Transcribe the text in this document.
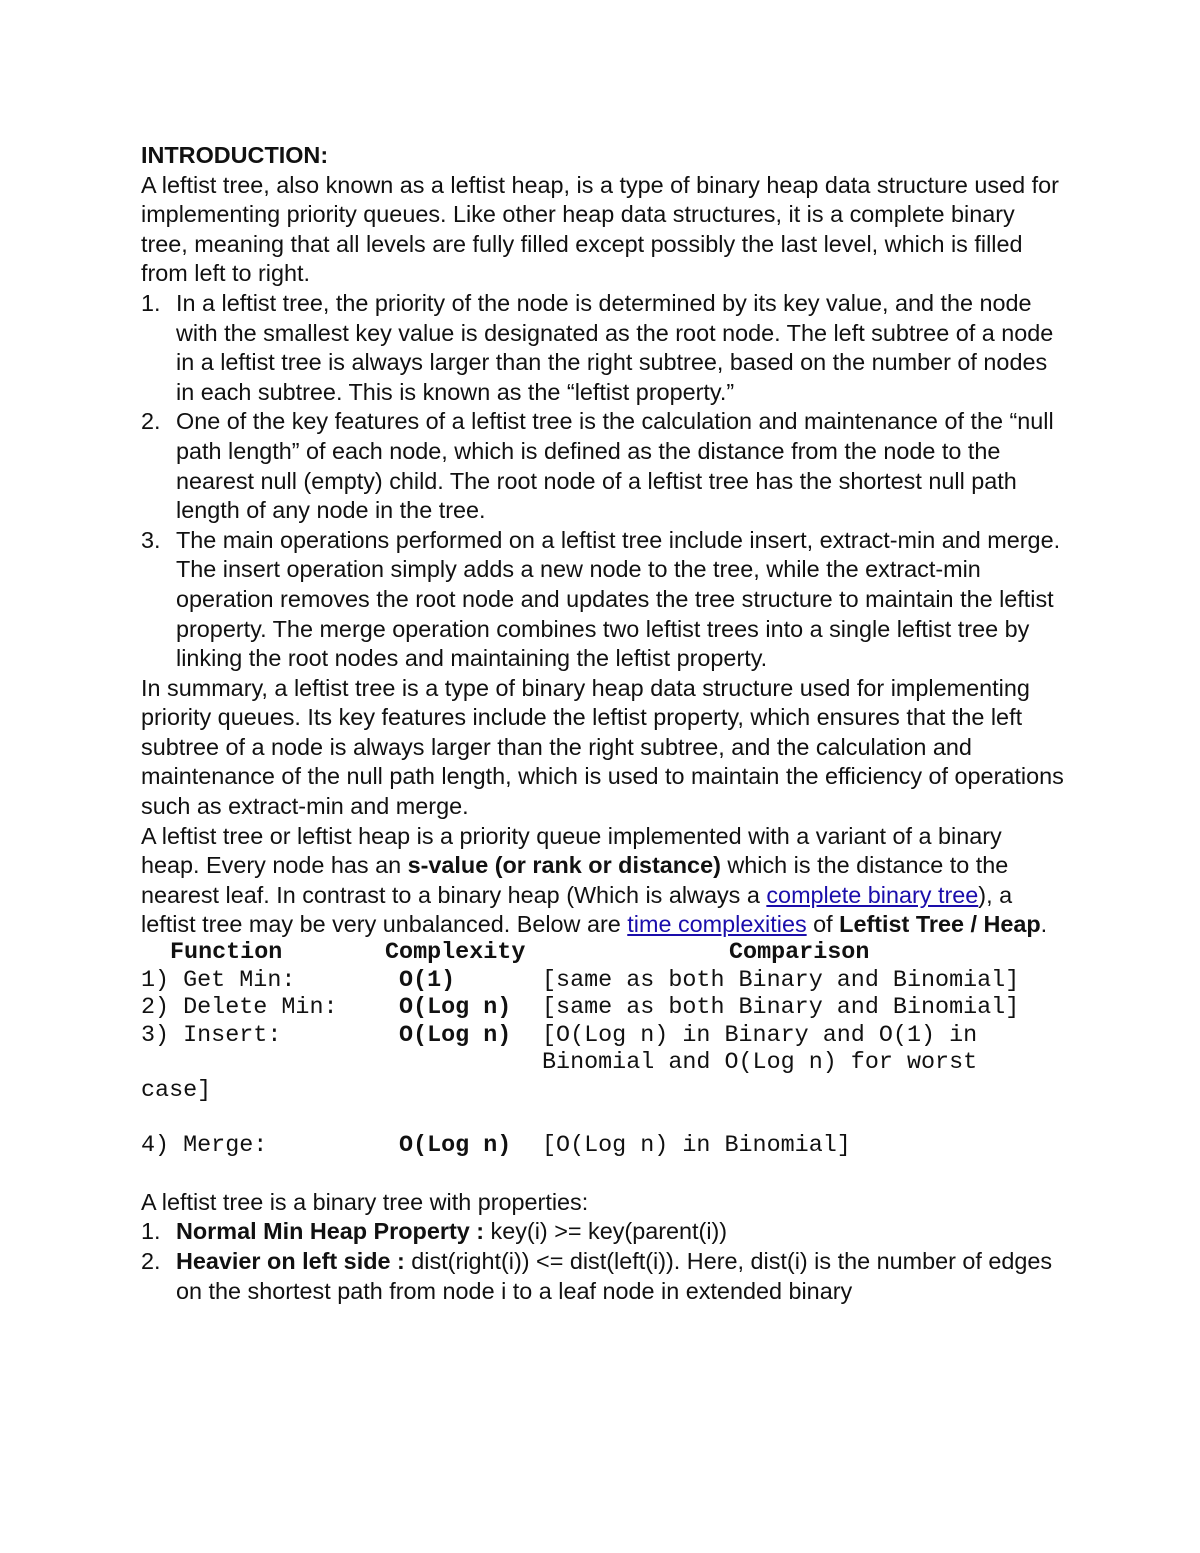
INTRODUCTION:

A leftist tree, also known as a leftist heap, is a type of binary heap data structure used for implementing priority queues. Like other heap data structures, it is a complete binary tree, meaning that all levels are fully filled except possibly the last level, which is filled from left to right.

1. In a leftist tree, the priority of the node is determined by its key value, and the node with the smallest key value is designated as the root node. The left subtree of a node in a leftist tree is always larger than the right subtree, based on the number of nodes in each subtree. This is known as the “leftist property.”
2. One of the key features of a leftist tree is the calculation and maintenance of the “null path length” of each node, which is defined as the distance from the node to the nearest null (empty) child. The root node of a leftist tree has the shortest null path length of any node in the tree.
3. The main operations performed on a leftist tree include insert, extract-min and merge. The insert operation simply adds a new node to the tree, while the extract-min operation removes the root node and updates the tree structure to maintain the leftist property. The merge operation combines two leftist trees into a single leftist tree by linking the root nodes and maintaining the leftist property.

In summary, a leftist tree is a type of binary heap data structure used for implementing priority queues. Its key features include the leftist property, which ensures that the left subtree of a node is always larger than the right subtree, and the calculation and maintenance of the null path length, which is used to maintain the efficiency of operations such as extract-min and merge.

A leftist tree or leftist heap is a priority queue implemented with a variant of a binary heap. Every node has an s-value (or rank or distance) which is the distance to the nearest leaf. In contrast to a binary heap (Which is always a complete binary tree), a leftist tree may be very unbalanced. Below are time complexities of Leftist Tree / Heap.

Function	Complexity	Comparison
1) Get Min:	O(1)	[same as both Binary and Binomial]
2) Delete Min:	O(Log n) [same as both Binary and Binomial]
3) Insert:	O(Log n) [O(Log n) in Binary and O(1) in
Binomial and O(Log n) for worst
case]

4) Merge:	O(Log n) [O(Log n) in Binomial]

A leftist tree is a binary tree with properties:

1. Normal Min Heap Property : key(i) >= key(parent(i))
2. Heavier on left side : dist(right(i)) <= dist(left(i)). Here, dist(i) is the number of edges on the shortest path from node i to a leaf node in extended binary
